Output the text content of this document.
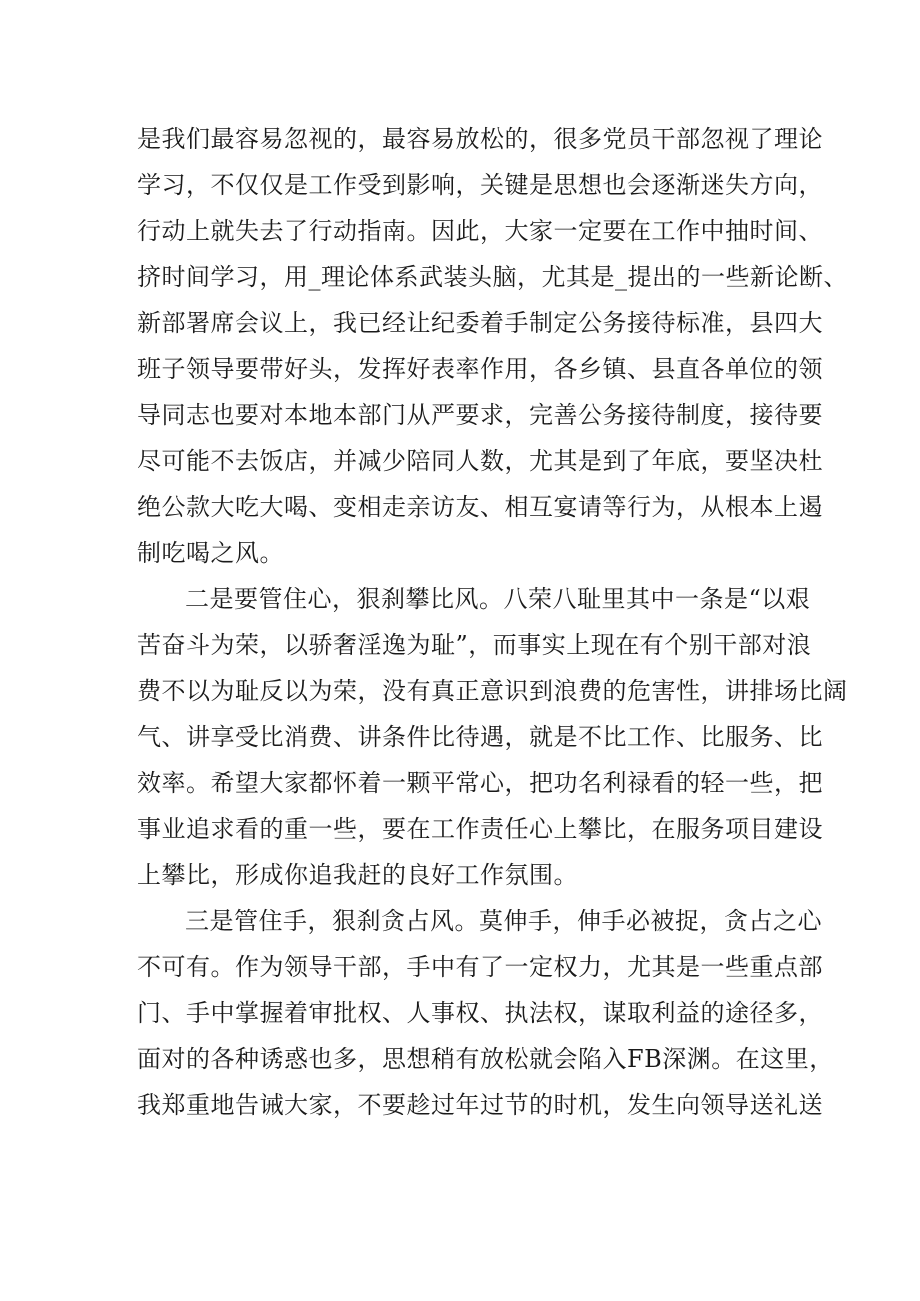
是我们最容易忽视的，最容易放松的，很多党员干部忽视了理论
学习，不仅仅是工作受到影响，关键是思想也会逐渐迷失方向，
行动上就失去了行动指南。因此，大家一定要在工作中抽时间、
挤时间学习，用_理论体系武装头脑，尤其是_提出的一些新论断、
新部署席会议上，我已经让纪委着手制定公务接待标准，县四大
班子领导要带好头，发挥好表率作用，各乡镇、县直各单位的领
导同志也要对本地本部门从严要求，完善公务接待制度，接待要
尽可能不去饭店，并减少陪同人数，尤其是到了年底，要坚决杜
绝公款大吃大喝、变相走亲访友、相互宴请等行为，从根本上遏
制吃喝之风。
二是要管住心，狠刹攀比风。八荣八耻里其中一条是“以艰
苦奋斗为荣，以骄奢淫逸为耻”，而事实上现在有个别干部对浪
费不以为耻反以为荣，没有真正意识到浪费的危害性，讲排场比阔
气、讲享受比消费、讲条件比待遇，就是不比工作、比服务、比
效率。希望大家都怀着一颗平常心，把功名利禄看的轻一些，把
事业追求看的重一些，要在工作责任心上攀比，在服务项目建设
上攀比，形成你追我赶的良好工作氛围。
三是管住手，狠刹贪占风。莫伸手，伸手必被捉，贪占之心
不可有。作为领导干部，手中有了一定权力，尤其是一些重点部
门、手中掌握着审批权、人事权、执法权，谋取利益的途径多，
面对的各种诱惑也多，思想稍有放松就会陷入FB深渊。在这里，
我郑重地告诫大家，不要趁过年过节的时机，发生向领导送礼送
